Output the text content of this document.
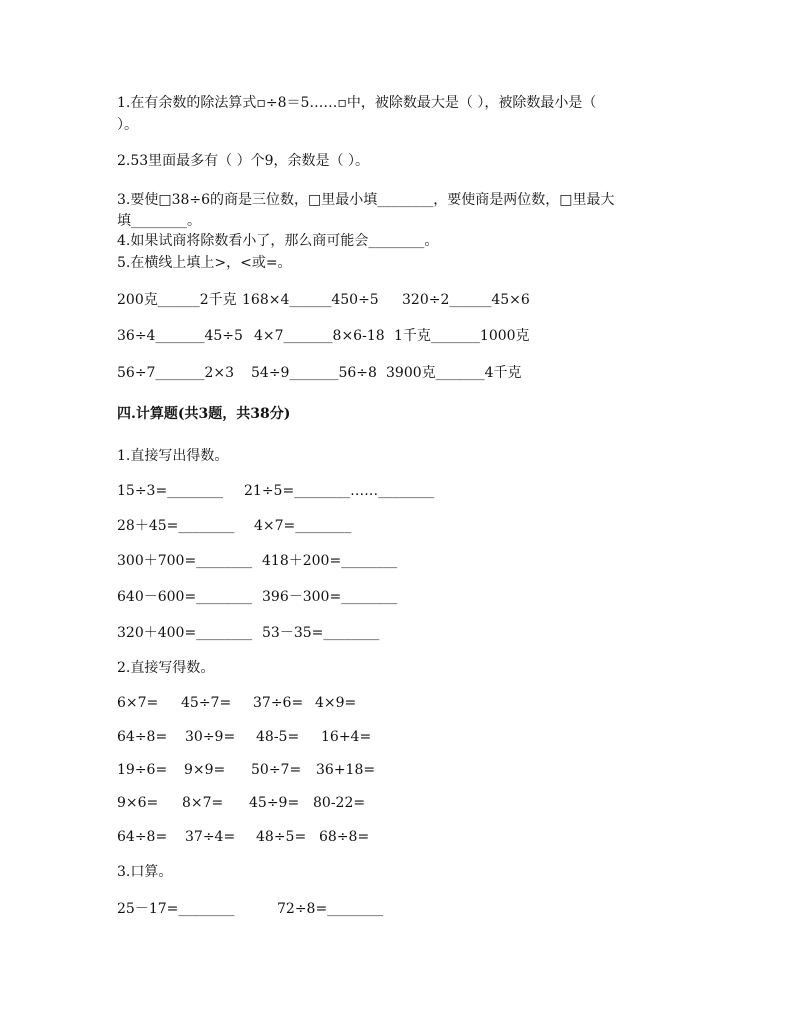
1.在有余数的除法算式▫÷8＝5……▫中，被除数最大是（ ），被除数最小是（
）。
2.53里面最多有（ ）个9，余数是（ ）。
3.要使□38÷6的商是三位数，□里最小填________，要使商是两位数，□里最大
填________。
4.如果试商将除数看小了，那么商可能会________。
5.在横线上填上>，<或=。
200克______2千克 168×4______450÷5 320÷2______45×6
36÷4_______45÷5 4×7_______8×6-18 1千克_______1000克
56÷7_______2×3 54÷9_______56÷8 3900克_______4千克
四.计算题(共3题，共38分)
1.直接写出得数。
15÷3=________ 21÷5=________……________
28＋45=________ 4×7=________
300＋700=________ 418＋200=________
640－600=________ 396－300=________
320＋400=________ 53－35=________
2.直接写得数。
6×7= 45÷7= 37÷6= 4×9=
64÷8= 30÷9= 48-5= 16+4=
19÷6= 9×9= 50÷7= 36+18=
9×6= 8×7= 45÷9= 80-22=
64÷8= 37÷4= 48÷5= 68÷8=
3.口算。
25－17=________	72÷8=________
